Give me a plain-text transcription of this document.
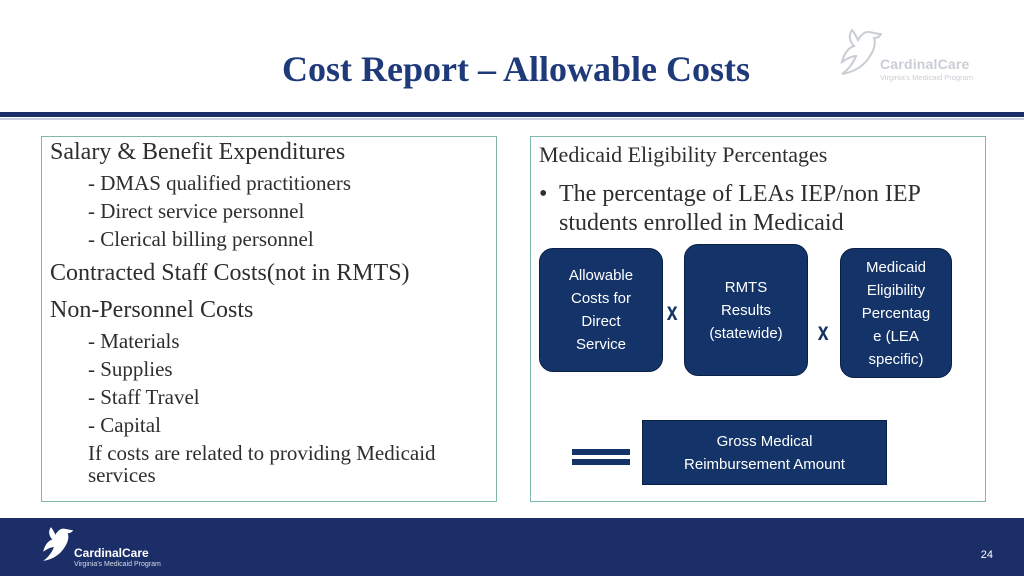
Cost Report – Allowable Costs	CardinalCare
Virginia's Medicaid Program
Salary & Benefit Expenditures
- DMAS qualified practitioners
- Direct service personnel
- Clerical billing personnel
Contracted Staff Costs(not in RMTS)
Non-Personnel Costs
- Materials
- Supplies
- Staff Travel
- Capital
If costs are related to providing Medicaid
services
Medicaid Eligibility Percentages
• The percentage of LEAs IEP/non IEP students enrolled in Medicaid
Allowable
Costs for
Direct
Service
x
RMTS
Results
(statewide) x
Medicaid
Eligibility
Percentag
e (LEA
specific)
Gross Medical
Reimbursement Amount
CardinalCare
Virginia's Medicaid Program
24
